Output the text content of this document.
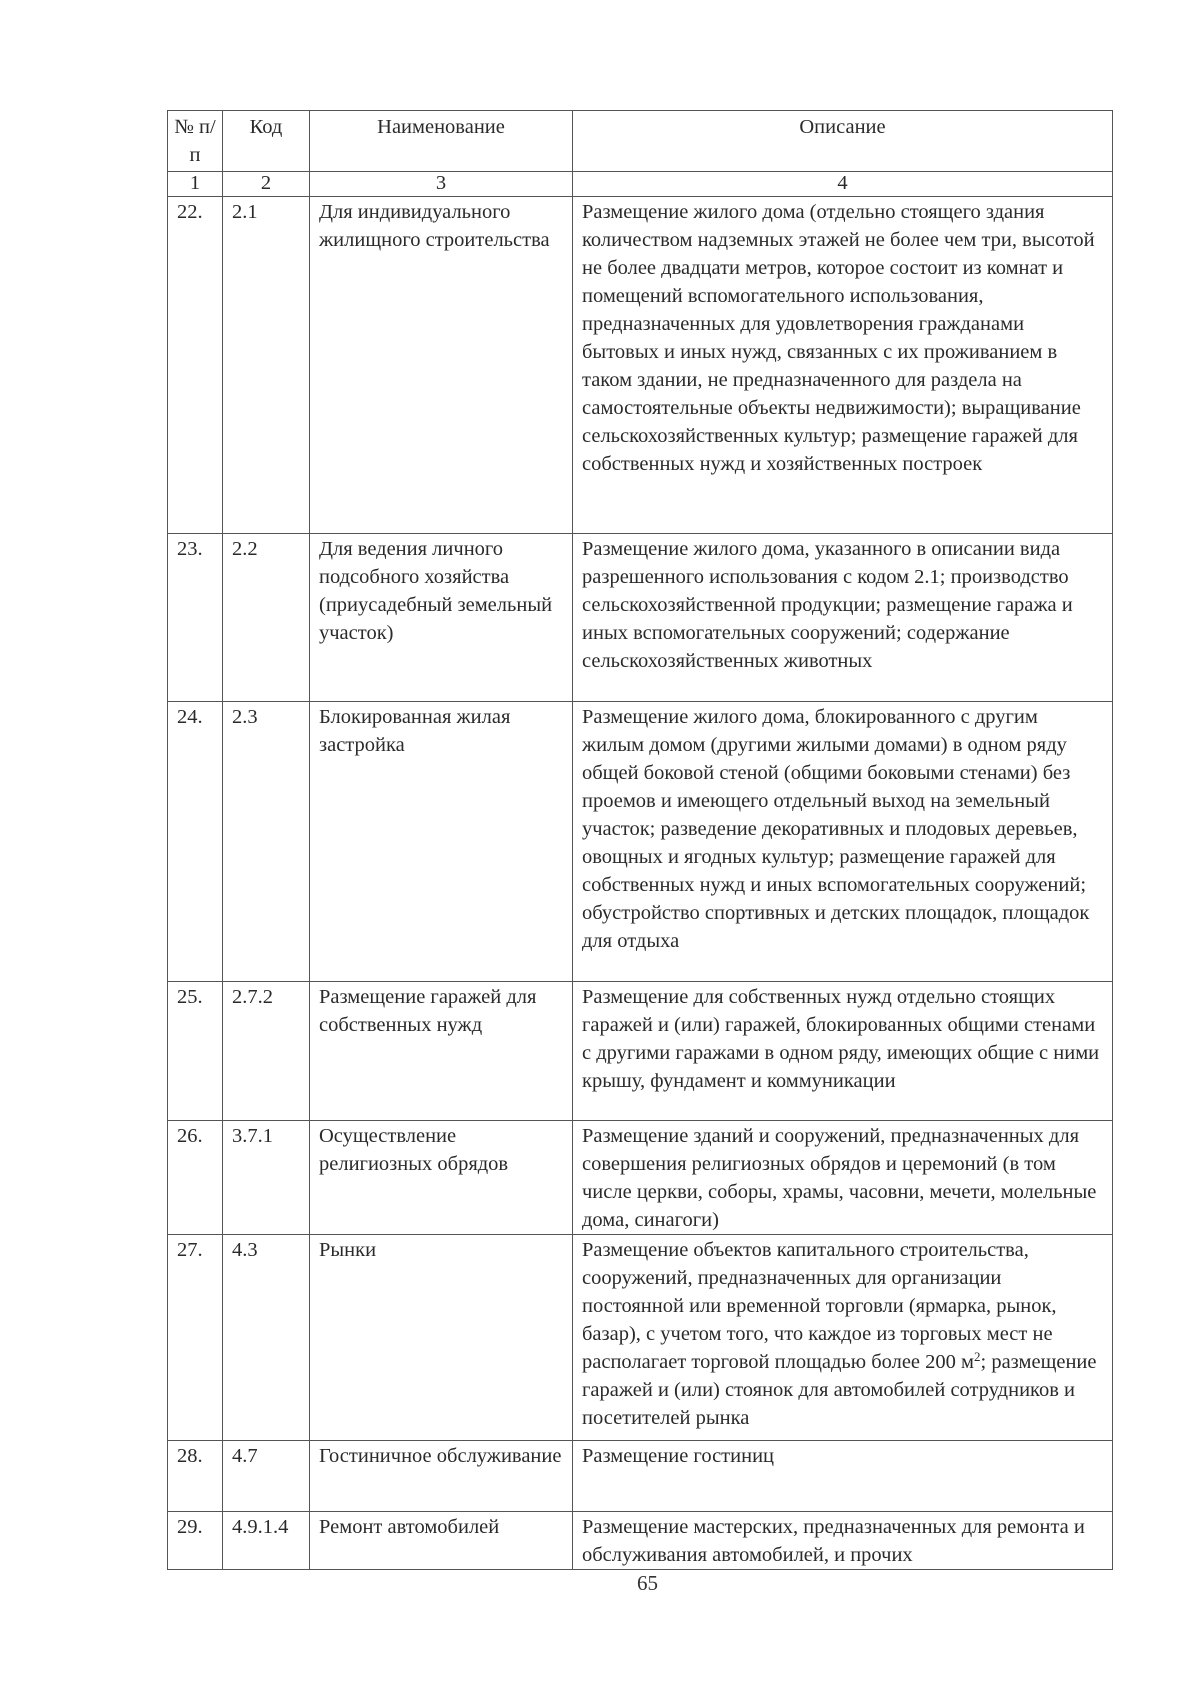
№ п/п	Код	Наименование	Описание
1	2	3	4
22.	2.1	Для индивидуального жилищного строительства	Размещение жилого дома (отдельно стоящего здания количеством надземных этажей не более чем три, высотой не более двадцати метров, которое состоит из комнат и помещений вспомогательного использования, предназначенных для удовлетворения гражданами бытовых и иных нужд, связанных с их проживанием в таком здании, не предназначенного для раздела на самостоятельные объекты недвижимости); выращивание сельскохозяйственных культур; размещение гаражей для собственных нужд и хозяйственных построек
23.	2.2	Для ведения личного подсобного хозяйства (приусадебный земельный участок)	Размещение жилого дома, указанного в описании вида разрешенного использования с кодом 2.1; производство сельскохозяйственной продукции; размещение гаража и иных вспомогательных сооружений; содержание сельскохозяйственных животных
24.	2.3	Блокированная жилая застройка	Размещение жилого дома, блокированного с другим жилым домом (другими жилыми домами) в одном ряду общей боковой стеной (общими боковыми стенами) без проемов и имеющего отдельный выход на земельный участок; разведение декоративных и плодовых деревьев, овощных и ягодных культур; размещение гаражей для собственных нужд и иных вспомогательных сооружений; обустройство спортивных и детских площадок, площадок для отдыха
25.	2.7.2	Размещение гаражей для собственных нужд	Размещение для собственных нужд отдельно стоящих гаражей и (или) гаражей, блокированных общими стенами с другими гаражами в одном ряду, имеющих общие с ними крышу, фундамент и коммуникации
26.	3.7.1	Осуществление религиозных обрядов	Размещение зданий и сооружений, предназначенных для совершения религиозных обрядов и церемоний (в том числе церкви, соборы, храмы, часовни, мечети, молельные дома, синагоги)
27.	4.3	Рынки	Размещение объектов капитального строительства, сооружений, предназначенных для организации постоянной или временной торговли (ярмарка, рынок, базар), с учетом того, что каждое из торговых мест не располагает торговой площадью более 200 $м^2$; размещение гаражей и (или) стоянок для автомобилей сотрудников и посетителей рынка
28.	4.7	Гостиничное обслуживание	Размещение гостиниц
29.	4.9.1.4	Ремонт автомобилей	Размещение мастерских, предназначенных для ремонта и обслуживания автомобилей, и прочих
65
